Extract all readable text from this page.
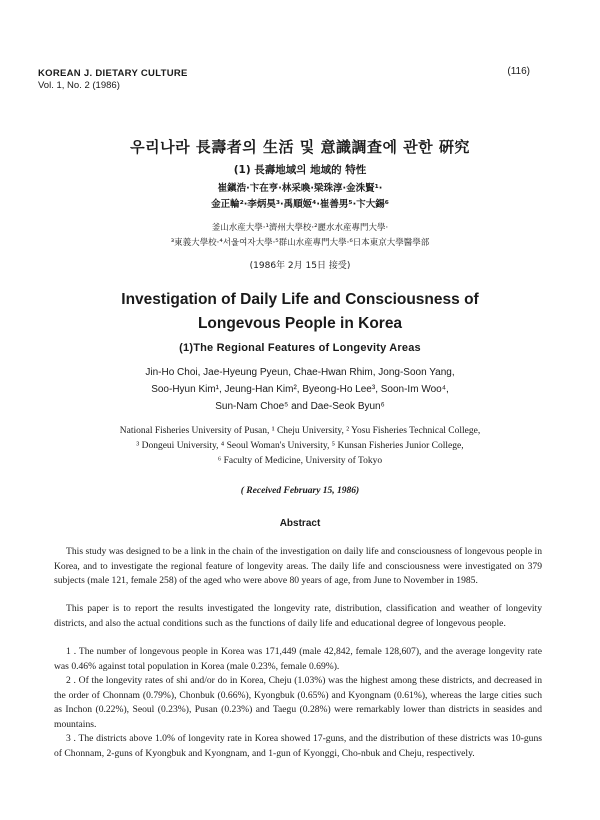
KOREAN J. DIETARY CULTURE
Vol. 1, No. 2 (1986)
(116)
우리나라 長壽者의 生活 및 意識調査에 관한 硏究
(1) 長壽地域의 地域的 特性
崔鎭浩·卞在亨·林采喚·梁珠淳·金洙賢¹·
金正輪²·李炳昊³·禹順姬⁴·崔善男⁵·卞大錫⁶
釜山水産大學·¹濟州大學校·²麗水水産專門大學·
³東義大學校·⁴서울여자大學·⁵群山水産專門大學·⁶日本東京大學醫學部
(1986年 2月 15日 接受)
Investigation of Daily Life and Consciousness of
Longevous People in Korea
(1)The Regional Features of Longevity Areas
Jin-Ho Choi, Jae-Hyeung Pyeun, Chae-Hwan Rhim, Jong-Soon Yang,
Soo-Hyun Kim¹, Jeung-Han Kim², Byeong-Ho Lee³, Soon-Im Woo⁴,
Sun-Nam Choe⁵ and Dae-Seok Byun⁶
National Fisheries University of Pusan, ¹ Cheju University, ² Yosu Fisheries Technical College,
³ Dongeui University, ⁴ Seoul Woman's University, ⁵ Kunsan Fisheries Junior College,
⁶ Faculty of Medicine, University of Tokyo
( Received February 15, 1986)
Abstract

This study was designed to be a link in the chain of the investigation on daily life and consciousness of longevous people in Korea, and to investigate the regional feature of longevity areas. The daily life and consciousness were investigated on 379 subjects (male 121, female 258) of the aged who were above 80 years of age, from June to November in 1985.

This paper is to report the results investigated the longevity rate, distribution, classification and weather of longevity districts, and also the actual conditions such as the functions of daily life and educational degree of longevous people.

1 . The number of longevous people in Korea was 171,449 (male 42,842, female 128,607), and the average longevity rate was 0.46% against total population in Korea (male 0.23%, female 0.69%).

2 . Of the longevity rates of shi and/or do in Korea, Cheju (1.03%) was the highest among these districts, and decreased in the order of Chonnam (0.79%), Chonbuk (0.66%), Kyongbuk (0.65%) and Kyongnam (0.61%), whereas the large cities such as Inchon (0.22%), Seoul (0.23%), Pusan (0.23%) and Taegu (0.28%) were remarkably lower than districts in seasides and mountains.

3 . The districts above 1.0% of longevity rate in Korea showed 17-guns, and the distribution of these districts was 10-guns of Chonnam, 2-guns of Kyongbuk and Kyongnam, and 1-gun of Kyonggi, Cho-nbuk and Cheju, respectively.
